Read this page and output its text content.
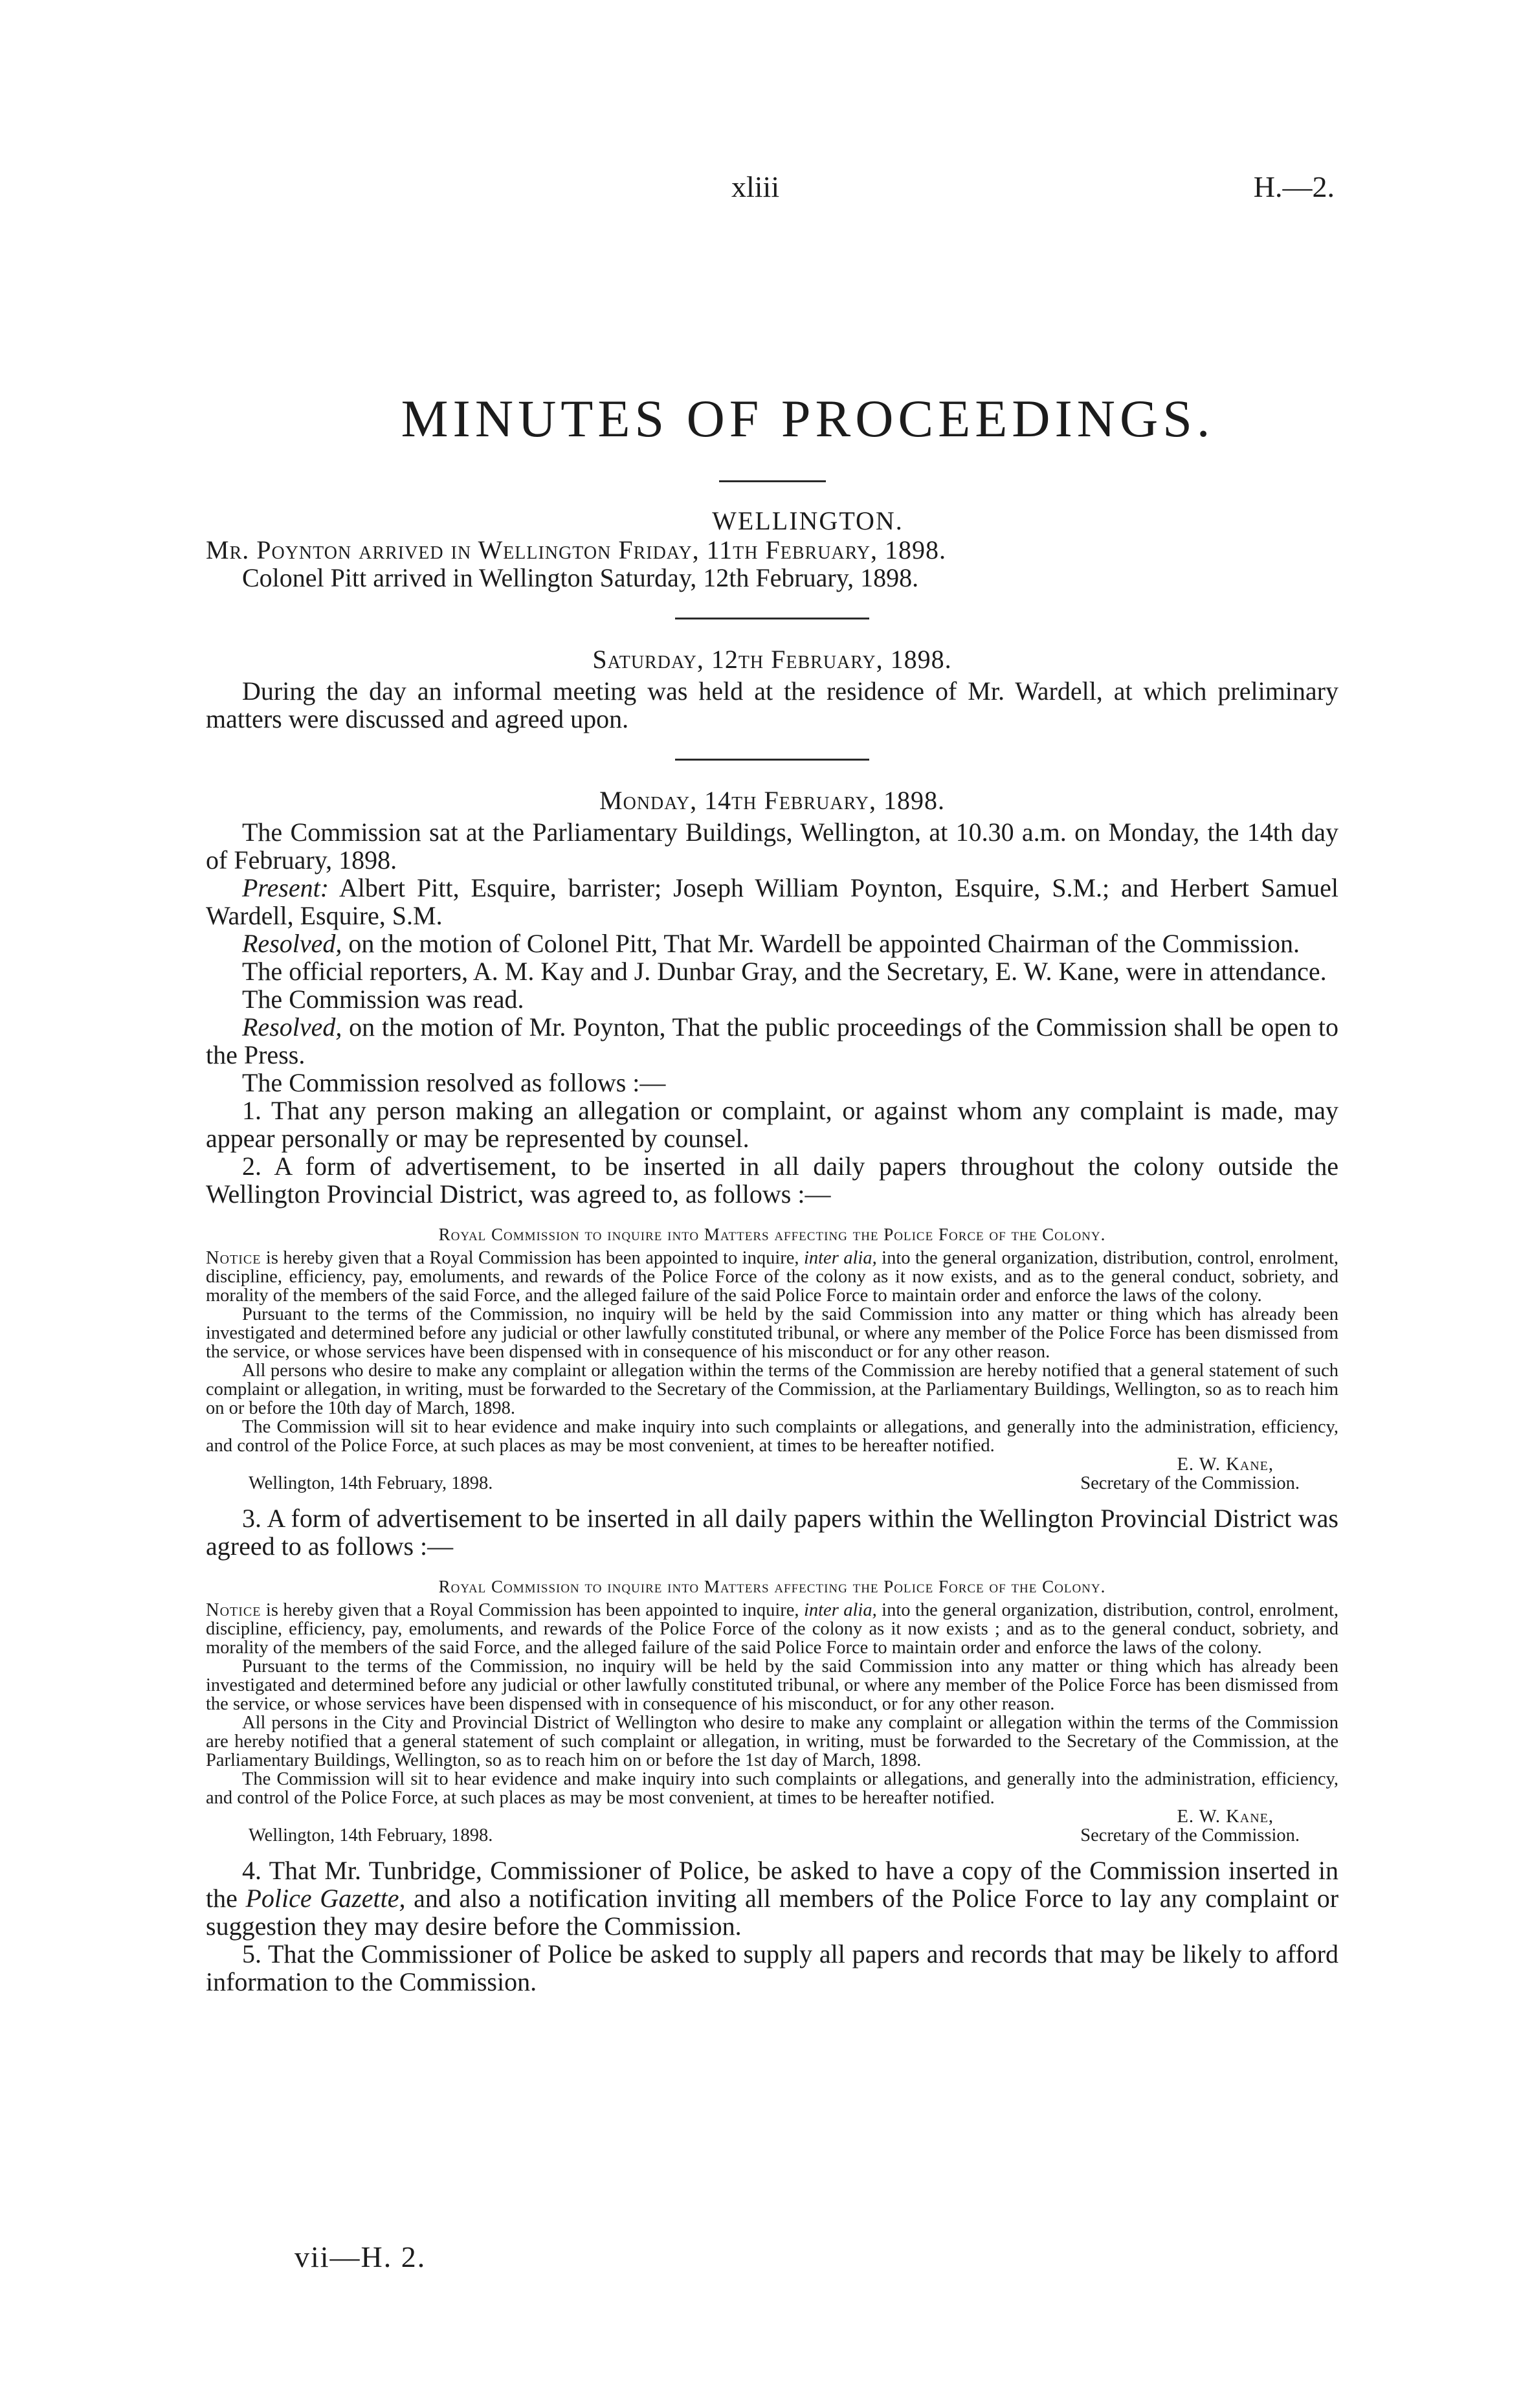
xliii	H.—2.
MINUTES OF PROCEEDINGS.
WELLINGTON.

Mr. Poynton arrived in Wellington Friday, 11th February, 1898.

Colonel Pitt arrived in Wellington Saturday, 12th February, 1898.

Saturday, 12th February, 1898.

During the day an informal meeting was held at the residence of Mr. Wardell, at which preliminary matters were discussed and agreed upon.

Monday, 14th February, 1898.

The Commission sat at the Parliamentary Buildings, Wellington, at 10.30 a.m. on Monday, the 14th day of February, 1898.

Present: Albert Pitt, Esquire, barrister; Joseph William Poynton, Esquire, S.M.; and Herbert Samuel Wardell, Esquire, S.M.

Resolved, on the motion of Colonel Pitt, That Mr. Wardell be appointed Chairman of the Commission.

The official reporters, A. M. Kay and J. Dunbar Gray, and the Secretary, E. W. Kane, were in attendance.

The Commission was read.

Resolved, on the motion of Mr. Poynton, That the public proceedings of the Commission shall be open to the Press.

The Commission resolved as follows :—

1. That any person making an allegation or complaint, or against whom any complaint is made, may appear personally or may be represented by counsel.

2. A form of advertisement, to be inserted in all daily papers throughout the colony outside the Wellington Provincial District, was agreed to, as follows :—

Royal Commission to inquire into Matters affecting the Police Force of the Colony.

Notice is hereby given that a Royal Commission has been appointed to inquire, inter alia, into the general organization, distribution, control, enrolment, discipline, efficiency, pay, emoluments, and rewards of the Police Force of the colony as it now exists, and as to the general conduct, sobriety, and morality of the members of the said Force, and the alleged failure of the said Police Force to maintain order and enforce the laws of the colony.

Pursuant to the terms of the Commission, no inquiry will be held by the said Commission into any matter or thing which has already been investigated and determined before any judicial or other lawfully constituted tribunal, or where any member of the Police Force has been dismissed from the service, or whose services have been dispensed with in consequence of his misconduct or for any other reason.

All persons who desire to make any complaint or allegation within the terms of the Commission are hereby notified that a general statement of such complaint or allegation, in writing, must be forwarded to the Secretary of the Commission, at the Parliamentary Buildings, Wellington, so as to reach him on or before the 10th day of March, 1898.

The Commission will sit to hear evidence and make inquiry into such complaints or allegations, and generally into the administration, efficiency, and control of the Police Force, at such places as may be most convenient, at times to be hereafter notified.

E. W. Kane,
Wellington, 14th February, 1898.	Secretary of the Commission.

3. A form of advertisement to be inserted in all daily papers within the Wellington Provincial District was agreed to as follows :—

Royal Commission to inquire into Matters affecting the Police Force of the Colony.

Notice is hereby given that a Royal Commission has been appointed to inquire, inter alia, into the general organization, distribution, control, enrolment, discipline, efficiency, pay, emoluments, and rewards of the Police Force of the colony as it now exists ; and as to the general conduct, sobriety, and morality of the members of the said Force, and the alleged failure of the said Police Force to maintain order and enforce the laws of the colony.

Pursuant to the terms of the Commission, no inquiry will be held by the said Commission into any matter or thing which has already been investigated and determined before any judicial or other lawfully constituted tribunal, or where any member of the Police Force has been dismissed from the service, or whose services have been dispensed with in consequence of his misconduct, or for any other reason.

All persons in the City and Provincial District of Wellington who desire to make any complaint or allegation within the terms of the Commission are hereby notified that a general statement of such complaint or allegation, in writing, must be forwarded to the Secretary of the Commission, at the Parliamentary Buildings, Wellington, so as to reach him on or before the 1st day of March, 1898.

The Commission will sit to hear evidence and make inquiry into such complaints or allegations, and generally into the administration, efficiency, and control of the Police Force, at such places as may be most convenient, at times to be hereafter notified.

E. W. Kane,
Wellington, 14th February, 1898.	Secretary of the Commission.

4. That Mr. Tunbridge, Commissioner of Police, be asked to have a copy of the Commission inserted in the Police Gazette, and also a notification inviting all members of the Police Force to lay any complaint or suggestion they may desire before the Commission.

5. That the Commissioner of Police be asked to supply all papers and records that may be likely to afford information to the Commission.

vii—H. 2.
